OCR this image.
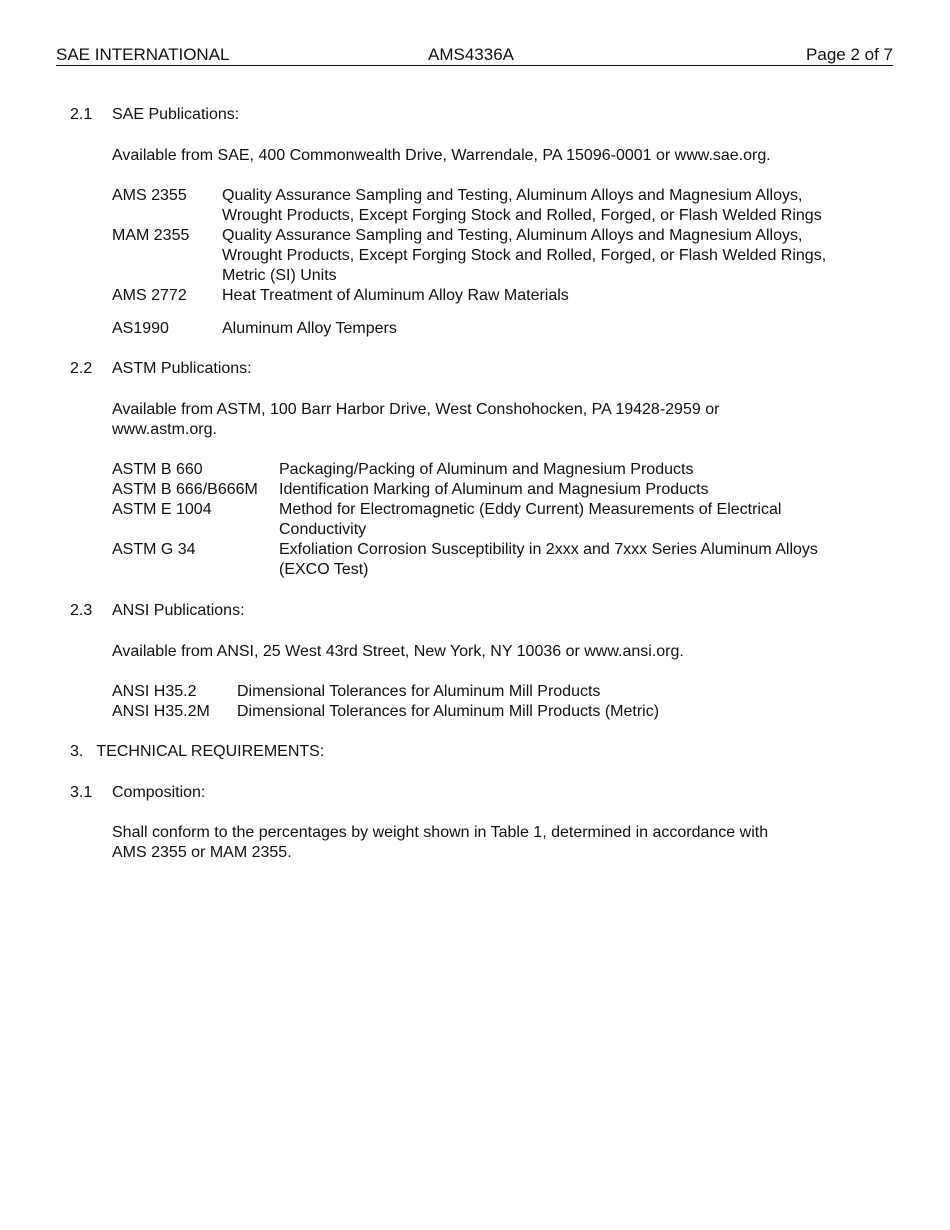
SAE INTERNATIONAL	AMS4336A	Page 2 of 7
2.1 SAE Publications:
Available from SAE, 400 Commonwealth Drive, Warrendale, PA 15096-0001 or www.sae.org.
AMS 2355	Quality Assurance Sampling and Testing, Aluminum Alloys and Magnesium Alloys,
Wrought Products, Except Forging Stock and Rolled, Forged, or Flash Welded Rings
MAM 2355	Quality Assurance Sampling and Testing, Aluminum Alloys and Magnesium Alloys,
Wrought Products, Except Forging Stock and Rolled, Forged, or Flash Welded Rings,
Metric (SI) Units
AMS 2772	Heat Treatment of Aluminum Alloy Raw Materials
AS1990	Aluminum Alloy Tempers
2.2 ASTM Publications:
Available from ASTM, 100 Barr Harbor Drive, West Conshohocken, PA 19428-2959 or
www.astm.org.
ASTM B 660	Packaging/Packing of Aluminum and Magnesium Products
ASTM B 666/B666M	Identification Marking of Aluminum and Magnesium Products
ASTM E 1004	Method for Electromagnetic (Eddy Current) Measurements of Electrical
Conductivity
ASTM G 34	Exfoliation Corrosion Susceptibility in 2xxx and 7xxx Series Aluminum Alloys
(EXCO Test)
2.3 ANSI Publications:
Available from ANSI, 25 West 43rd Street, New York, NY 10036 or www.ansi.org.
ANSI H35.2	Dimensional Tolerances for Aluminum Mill Products
ANSI H35.2M	Dimensional Tolerances for Aluminum Mill Products (Metric)
3.   TECHNICAL REQUIREMENTS:
3.1 Composition:
Shall conform to the percentages by weight shown in Table 1, determined in accordance with
AMS 2355 or MAM 2355.
